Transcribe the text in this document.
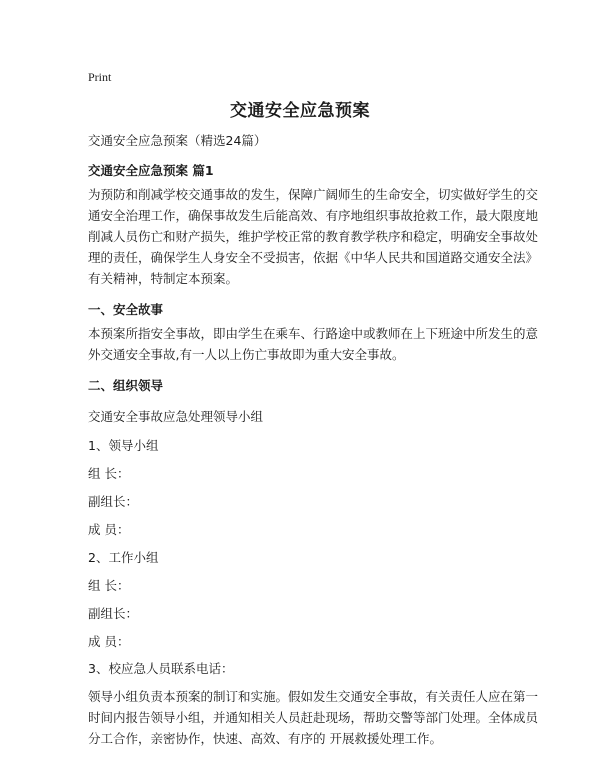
Print
交通安全应急预案

交通安全应急预案（精选24篇）

交通安全应急预案 篇1

为预防和削减学校交通事故的发生，保障广阔师生的生命安全，切实做好学生的交

通安全治理工作，确保事故发生后能高效、有序地组织事故抢救工作，最大限度地

削减人员伤亡和财产损失，维护学校正常的教育教学秩序和稳定，明确安全事故处

理的责任，确保学生人身安全不受损害，依据《中华人民共和国道路交通安全法》

有关精神，特制定本预案。

一、安全故事

本预案所指安全事故，即由学生在乘车、行路途中或教师在上下班途中所发生的意

外交通安全事故,有一人以上伤亡事故即为重大安全事故。

二、组织领导

交通安全事故应急处理领导小组

1、领导小组

组 长：

副组长：

成 员：

2、工作小组

组 长：

副组长：

成 员：

3、校应急人员联系电话：

领导小组负责本预案的制订和实施。假如发生交通安全事故，有关责任人应在第一

时间内报告领导小组，并通知相关人员赶赴现场，帮助交警等部门处理。全体成员

分工合作，亲密协作，快速、高效、有序的 开展救援处理工作。
